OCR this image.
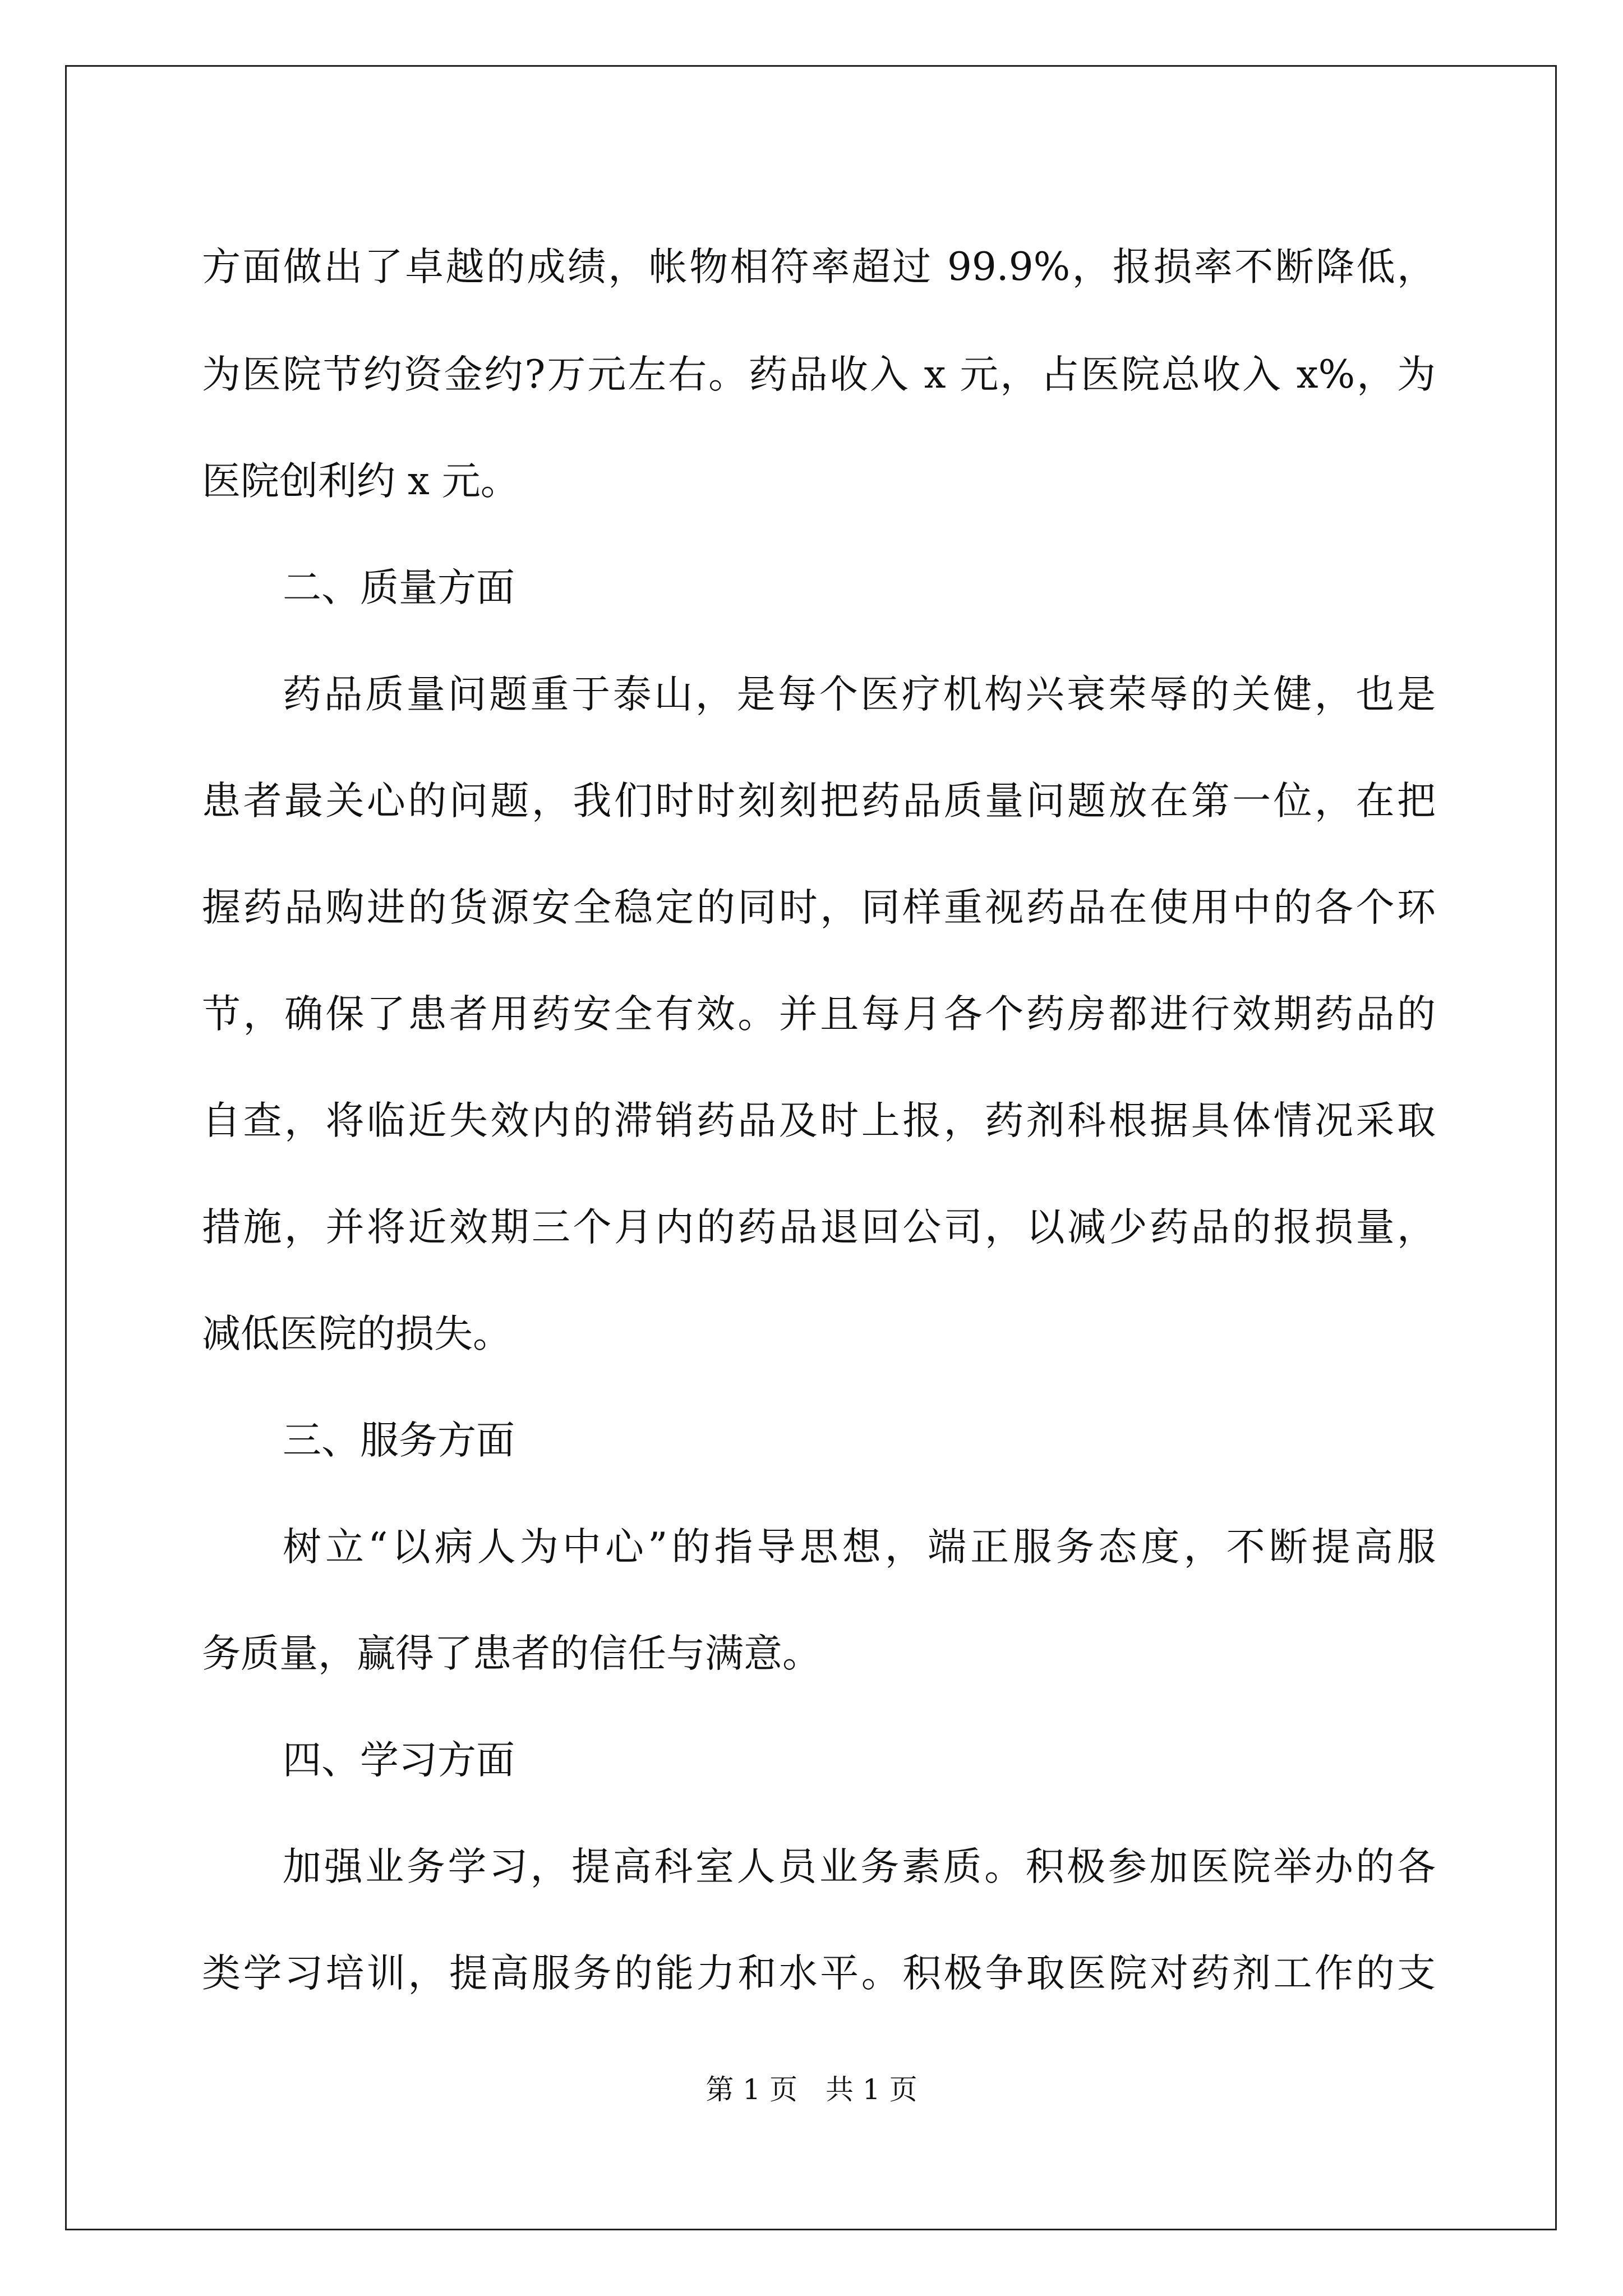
方面做出了卓越的成绩，帐物相符率超过 99.9%，报损率不断降低，
为医院节约资金约?万元左右。药品收入 x 元，占医院总收入 x%，为
医院创利约 x 元。
二、质量方面
药品质量问题重于泰山，是每个医疗机构兴衰荣辱的关健，也是
患者最关心的问题，我们时时刻刻把药品质量问题放在第一位，在把
握药品购进的货源安全稳定的同时，同样重视药品在使用中的各个环
节，确保了患者用药安全有效。并且每月各个药房都进行效期药品的
自查，将临近失效内的滞销药品及时上报，药剂科根据具体情况采取
措施，并将近效期三个月内的药品退回公司，以减少药品的报损量，
减低医院的损失。
三、服务方面
树立“以病人为中心”的指导思想，端正服务态度，不断提高服
务质量，赢得了患者的信任与满意。
四、学习方面
加强业务学习，提高科室人员业务素质。积极参加医院举办的各
类学习培训，提高服务的能力和水平。积极争取医院对药剂工作的支
第 1 页 共 1 页
